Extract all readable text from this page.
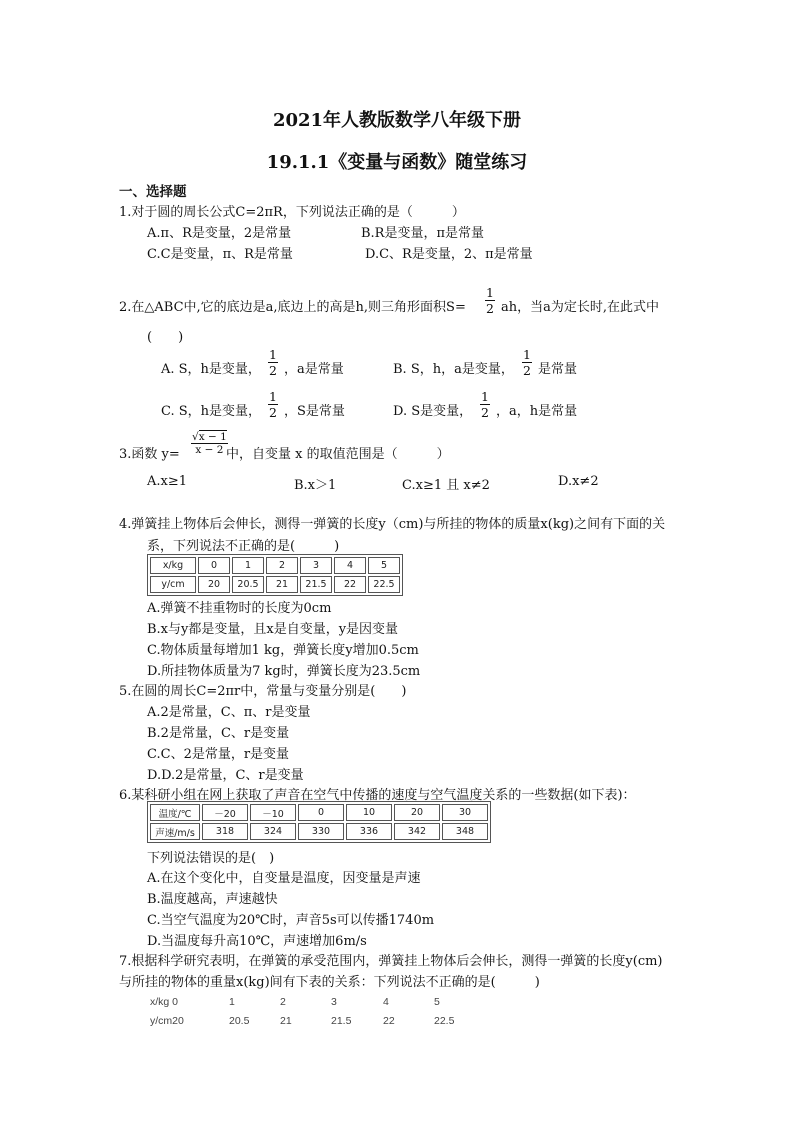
2021年人教版数学八年级下册
19.1.1《变量与函数》随堂练习
一、选择题
1.对于圆的周长公式C=2πR，下列说法正确的是（　　　）
A.π、R是变量，2是常量	B.R是变量，π是常量
C.C是变量，π、R是常量	D.C、R是变量，2、π是常量
2.在△ABC中,它的底边是a,底边上的高是h,则三角形面积$S= \frac{1}{2}$ ah，当a为定长时,在此式中
(　　)
A. S，h是变量， $\frac{1}{2}$ ，a是常量	B. S，h，a是变量， $\frac{1}{2}$ 是常量
C. S，h是变量， $\frac{1}{2}$ ，S是常量	D. S是变量， $\frac{1}{2}$ ，a，h是常量
3.函数 $y= \frac{√x - 1}{x - 2}$
中，自变量 x 的取值范围是（　　　）
A.x≥1	B.x＞1	C.x≥1 且 x≠2	D.x≠2
4.弹簧挂上物体后会伸长，测得一弹簧的长度y（cm)与所挂的物体的质量x(kg)之间有下面的关
系，下列说法不正确的是(　　　)
x/kg	0	1	2	3	4	5
y/cm	20	20.5	21	21.5	22	22.5
A.弹簧不挂重物时的长度为0cm
B.x与y都是变量，且x是自变量，y是因变量
C.物体质量每增加1 kg，弹簧长度y增加0.5cm
D.所挂物体质量为7 kg时，弹簧长度为23.5cm
5.在圆的周长C=2πr中，常量与变量分别是(　　)
A.2是常量，C、π、r是变量
B.2是常量，C、r是变量
C.C、2是常量，r是变量
D.D.2是常量，C、r是变量
6.某科研小组在网上获取了声音在空气中传播的速度与空气温度关系的一些数据(如下表)：
温度/℃	－20	－10	0	10	20	30
声速/m/s	318	324	330	336	342	348
下列说法错误的是(　)
A.在这个变化中，自变量是温度，因变量是声速
B.温度越高，声速越快
C.当空气温度为20℃时，声音5s可以传播1740m
D.当温度每升高10℃，声速增加6m/s
7.根据科学研究表明，在弹簧的承受范围内，弹簧挂上物体后会伸长，测得一弹簧的长度y(cm)
与所挂的物体的重量x(kg)间有下表的关系：下列说法不正确的是(　　　)
x/kg 0	1	2	3	4	5
y/cm20	20.5	21	21.5	22	22.5
